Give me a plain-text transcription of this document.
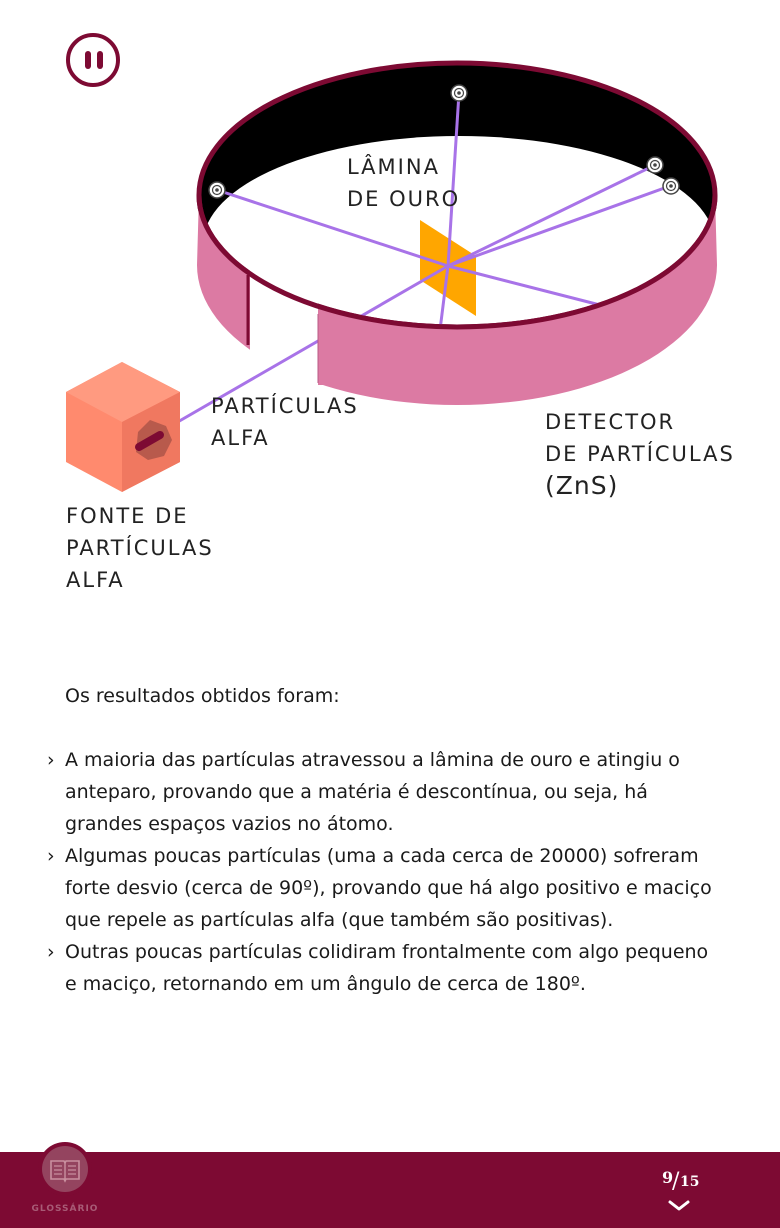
LÂMINA
DE OURO
PARTÍCULAS
ALFA
DETECTOR
DE PARTÍCULAS
(ZnS)
FONTE DE
PARTÍCULAS
ALFA

Os resultados obtidos foram:

› A maioria das partículas atravessou a lâmina de ouro e atingiu o anteparo, provando que a matéria é descontínua, ou seja, há grandes espaços vazios no átomo.
› Algumas poucas partículas (uma a cada cerca de 20000) sofreram forte desvio (cerca de 90º), provando que há algo positivo e maciço que repele as partículas alfa (que também são positivas).
› Outras poucas partículas colidiram frontalmente com algo pequeno e maciço, retornando em um ângulo de cerca de 180º.
GLOSSÁRIO
9
/ 15
